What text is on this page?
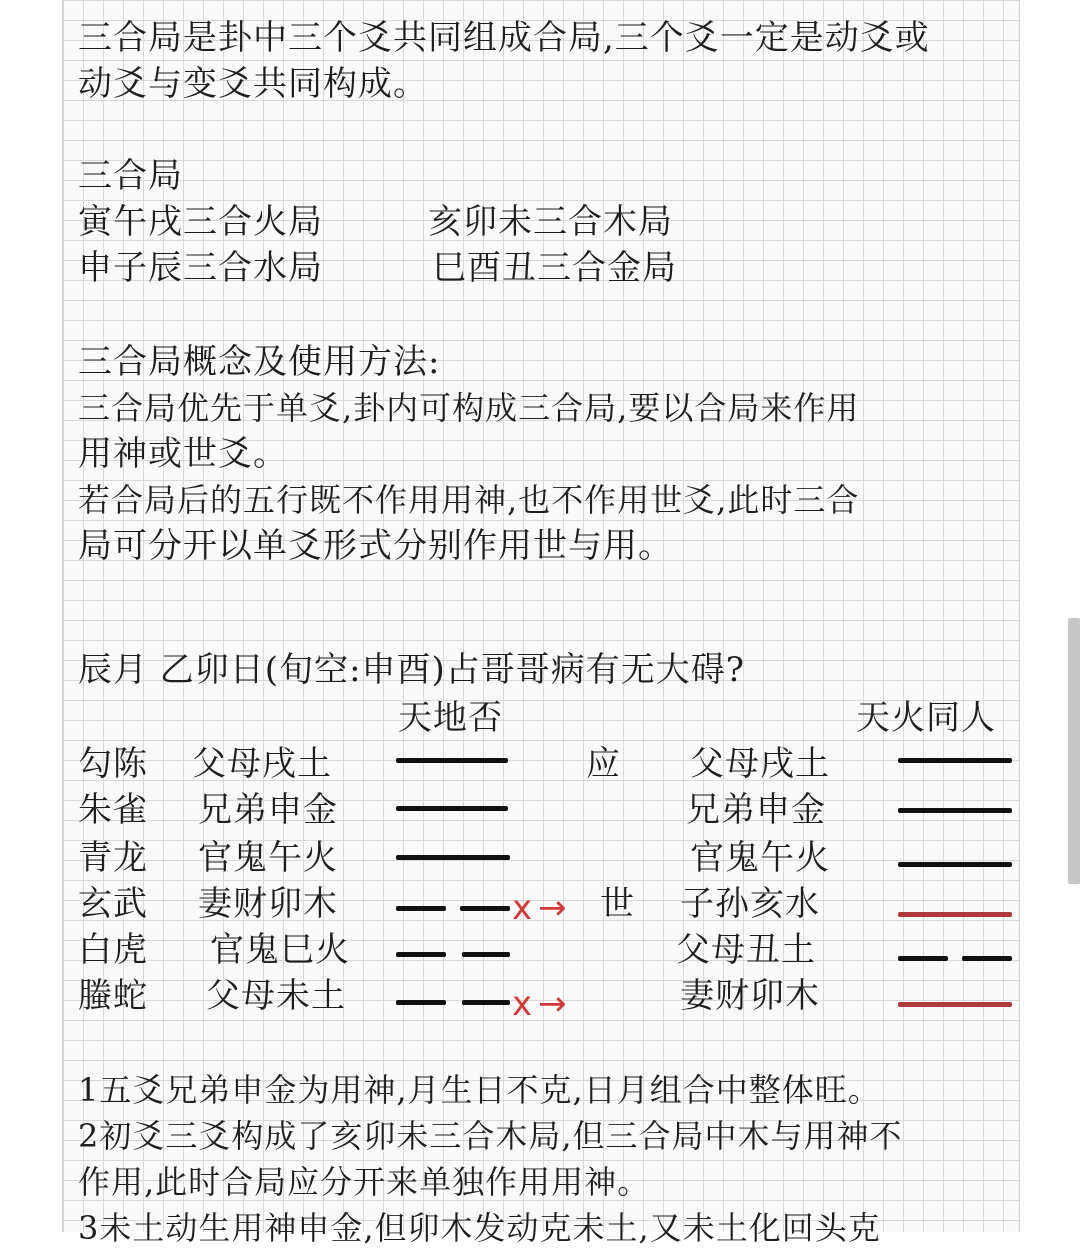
三合局是卦中三个爻共同组成合局,三个爻一定是动爻或
动爻与变爻共同构成。
三合局
寅午戌三合火局	亥卯未三合木局
申子辰三合水局	巳酉丑三合金局
三合局概念及使用方法:
三合局优先于单爻,卦内可构成三合局,要以合局来作用
用神或世爻。
若合局后的五行既不作用用神,也不作用世爻,此时三合
局可分开以单爻形式分别作用世与用。
辰月 乙卯日(旬空:申酉)占哥哥病有无大碍?
天地否	天火同人
勾陈 父母戌土	应 父母戌土
朱雀 兄弟申金	兄弟申金
青龙 官鬼午火	官鬼午火
玄武 妻财卯木	x → 世 子孙亥水
白虎 官鬼巳火	父母丑土
螣蛇 父母未土	x →	妻财卯木
1五爻兄弟申金为用神,月生日不克,日月组合中整体旺。
2初爻三爻构成了亥卯未三合木局,但三合局中木与用神不
作用,此时合局应分开来单独作用用神。
3未土动生用神申金,但卯木发动克未土,又未土化回头克
